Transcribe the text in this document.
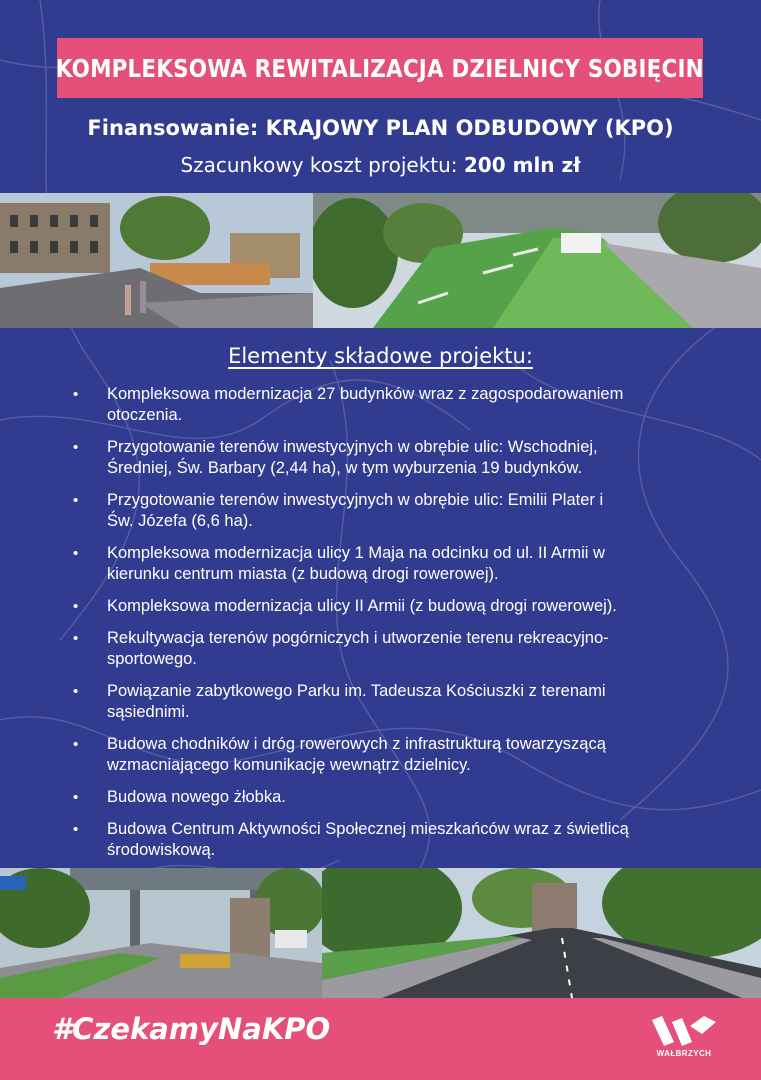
KOMPLEKSOWA REWITALIZACJA DZIELNICY SOBIĘCIN
Finansowanie: KRAJOWY PLAN ODBUDOWY (KPO)
Szacunkowy koszt projektu: 200 mln zł
Elementy składowe projektu:
• Kompleksowa modernizacja 27 budynków wraz z zagospodarowaniem
otoczenia.
• Przygotowanie terenów inwestycyjnych w obrębie ulic: Wschodniej,
Średniej, Św. Barbary (2,44 ha), w tym wyburzenia 19 budynków.
• Przygotowanie terenów inwestycyjnych w obrębie ulic: Emilii Plater i
Św. Józefa (6,6 ha).
• Kompleksowa modernizacja ulicy 1 Maja na odcinku od ul. II Armii w
kierunku centrum miasta (z budową drogi rowerowej).
• Kompleksowa modernizacja ulicy II Armii (z budową drogi rowerowej).
• Rekultywacja terenów pogórniczych i utworzenie terenu rekreacyjno-
sportowego.
• Powiązanie zabytkowego Parku im. Tadeusza Kościuszki z terenami
sąsiednimi.
• Budowa chodników i dróg rowerowych z infrastrukturą towarzyszącą
wzmacniającego komunikację wewnątrz dzielnicy.
• Budowa nowego żłobka.
• Budowa Centrum Aktywności Społecznej mieszkańców wraz z świetlicą
środowiskową.
#CzekamyNaKPO
WAŁBRZYCH
